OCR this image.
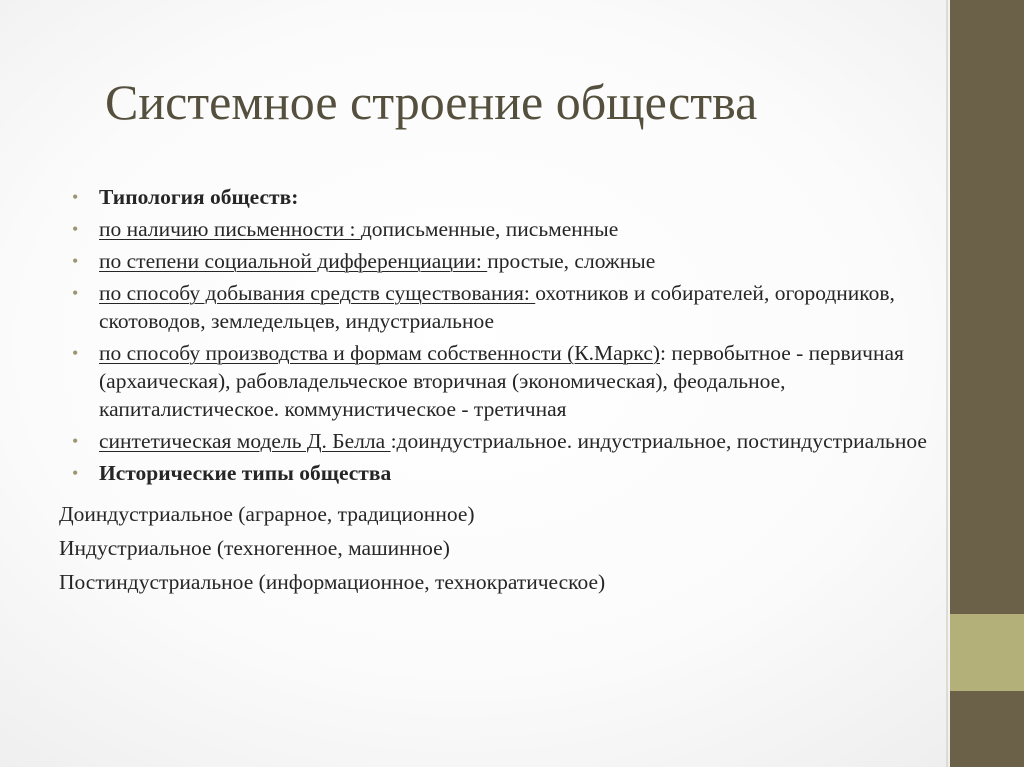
Системное строение общества
• Типология обществ:
• по наличию письменности : дописьменные, письменные
• по степени социальной дифференциации: простые, сложные
• по способу добывания средств существования: охотников и собирателей, огородников, скотоводов, земледельцев, индустриальное
• по способу производства и формам собственности (К.Маркс): первобытное - первичная (архаическая), рабовладельческое вторичная (экономическая), феодальное, капиталистическое. коммунистическое - третичная
• синтетическая модель Д. Белла :доиндустриальное. индустриальное, постиндустриальное
• Исторические типы общества
Доиндустриальное (аграрное, традиционное)
Индустриальное (техногенное, машинное)
Постиндустриальное (информационное, технократическое)
